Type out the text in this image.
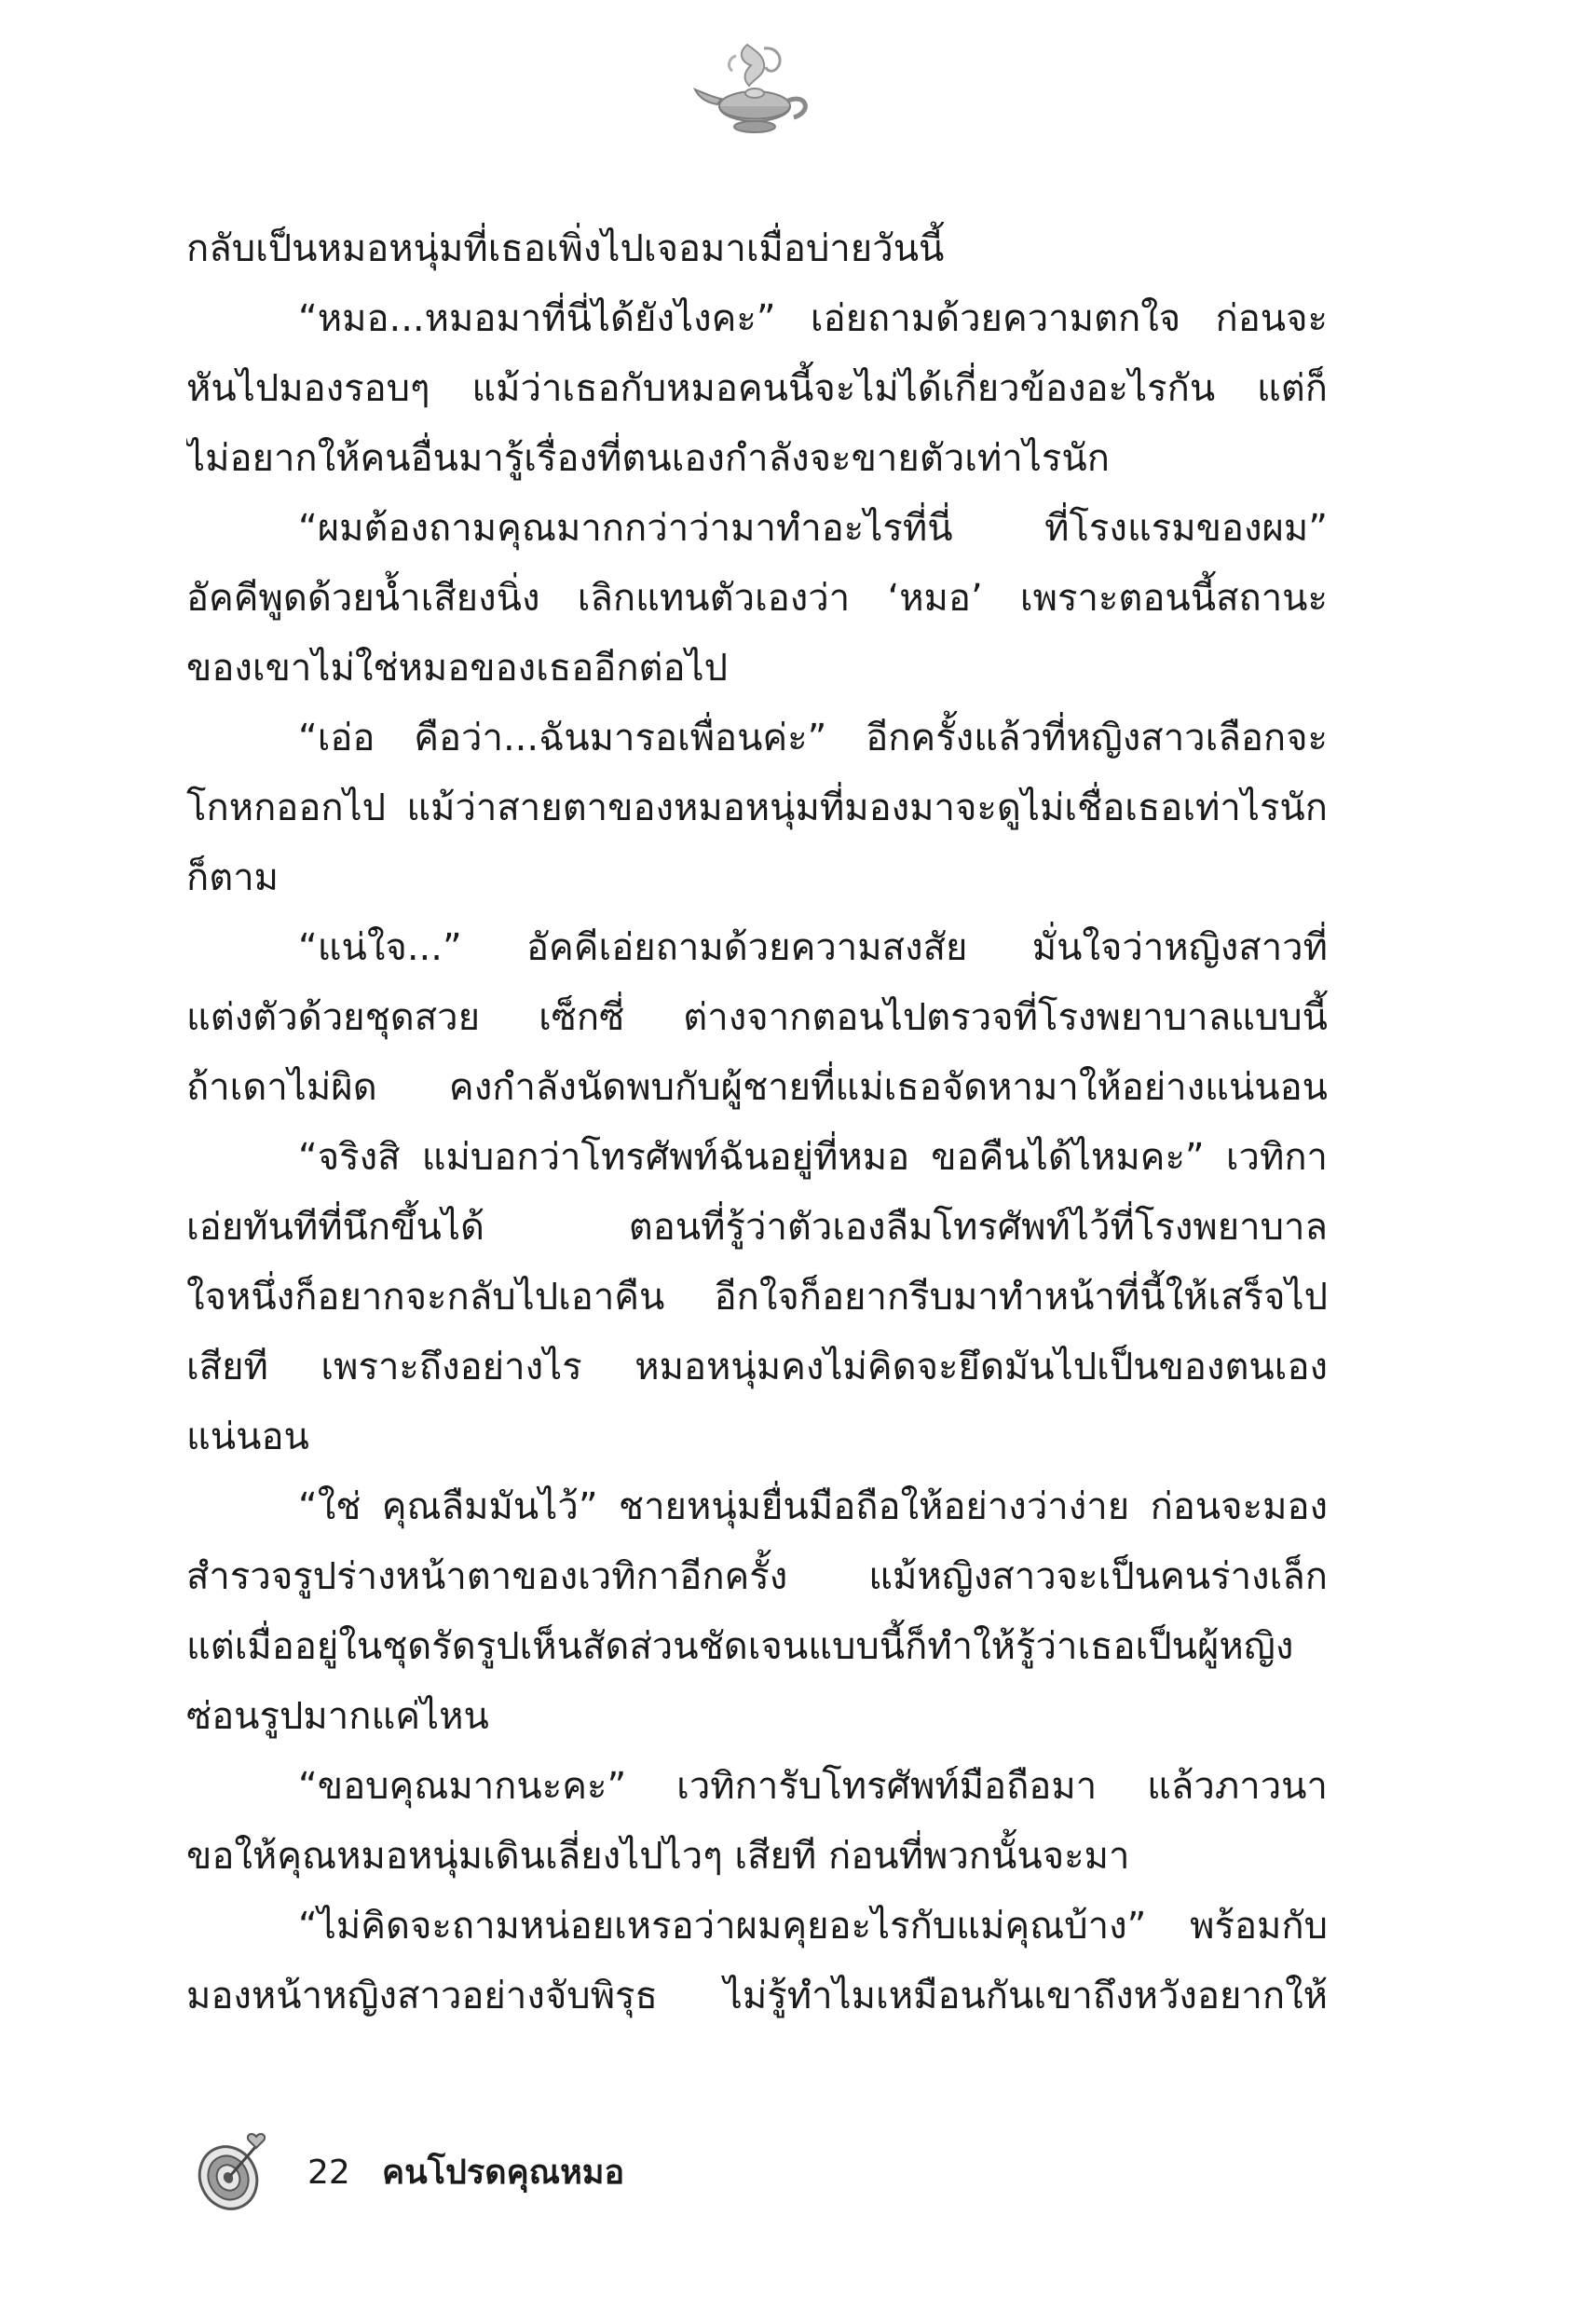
กลับเป็นหมอหนุ่มที่เธอเพิ่งไปเจอมาเมื่อบ่ายวันนี้
“หมอ...หมอมาที่นี่ได้ยังไงคะ” เอ่ยถามด้วยความตกใจ ก่อนจะ
หันไปมองรอบๆ แม้ว่าเธอกับหมอคนนี้จะไม่ได้เกี่ยวข้องอะไรกัน แต่ก็
ไม่อยากให้คนอื่นมารู้เรื่องที่ตนเองกำลังจะขายตัวเท่าไรนัก
“ผมต้องถามคุณมากกว่าว่ามาทำอะไรที่นี่ ที่โรงแรมของผม”
อัคคีพูดด้วยน้ำเสียงนิ่ง เลิกแทนตัวเองว่า ‘หมอ’ เพราะตอนนี้สถานะ
ของเขาไม่ใช่หมอของเธออีกต่อไป
“เอ่อ คือว่า...ฉันมารอเพื่อนค่ะ” อีกครั้งแล้วที่หญิงสาวเลือกจะ
โกหกออกไป แม้ว่าสายตาของหมอหนุ่มที่มองมาจะดูไม่เชื่อเธอเท่าไรนัก
ก็ตาม
“แน่ใจ...” อัคคีเอ่ยถามด้วยความสงสัย มั่นใจว่าหญิงสาวที่
แต่งตัวด้วยชุดสวย เซ็กซี่ ต่างจากตอนไปตรวจที่โรงพยาบาลแบบนี้
ถ้าเดาไม่ผิด คงกำลังนัดพบกับผู้ชายที่แม่เธอจัดหามาให้อย่างแน่นอน
“จริงสิ แม่บอกว่าโทรศัพท์ฉันอยู่ที่หมอ ขอคืนได้ไหมคะ” เวทิกา
เอ่ยทันทีที่นึกขึ้นได้ ตอนที่รู้ว่าตัวเองลืมโทรศัพท์ไว้ที่โรงพยาบาล
ใจหนึ่งก็อยากจะกลับไปเอาคืน อีกใจก็อยากรีบมาทำหน้าที่นี้ให้เสร็จไป
เสียที เพราะถึงอย่างไร หมอหนุ่มคงไม่คิดจะยึดมันไปเป็นของตนเอง
แน่นอน
“ใช่ คุณลืมมันไว้” ชายหนุ่มยื่นมือถือให้อย่างว่าง่าย ก่อนจะมอง
สำรวจรูปร่างหน้าตาของเวทิกาอีกครั้ง แม้หญิงสาวจะเป็นคนร่างเล็ก
แต่เมื่ออยู่ในชุดรัดรูปเห็นสัดส่วนชัดเจนแบบนี้ก็ทำให้รู้ว่าเธอเป็นผู้หญิง
ซ่อนรูปมากแค่ไหน
“ขอบคุณมากนะคะ” เวทิการับโทรศัพท์มือถือมา แล้วภาวนา
ขอให้คุณหมอหนุ่มเดินเลี่ยงไปไวๆ เสียที ก่อนที่พวกนั้นจะมา
“ไม่คิดจะถามหน่อยเหรอว่าผมคุยอะไรกับแม่คุณบ้าง” พร้อมกับ
มองหน้าหญิงสาวอย่างจับพิรุธ ไม่รู้ทำไมเหมือนกันเขาถึงหวังอยากให้
22 คนโปรดคุณหมอ
